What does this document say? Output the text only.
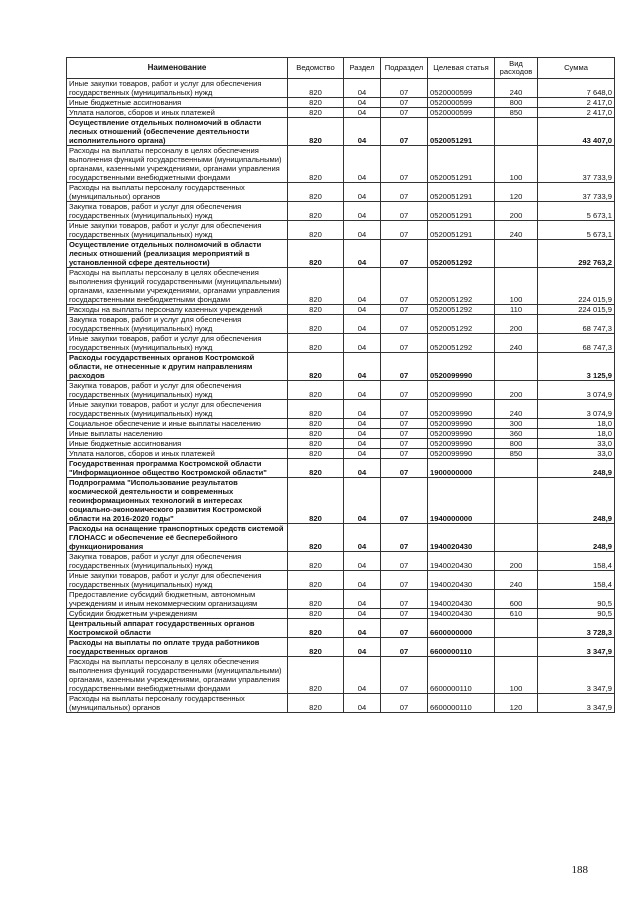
Наименование	Ведомство	Раздел	Подраздел	Целевая статья	Вид расходов	Сумма
Иные закупки товаров, работ и услуг для обеспечения государственных (муниципальных) нужд	820	04	07	0520000599	240	7 648,0
Иные бюджетные ассигнования	820	04	07	0520000599	800	2 417,0
Уплата налогов, сборов и иных платежей	820	04	07	0520000599	850	2 417,0
Осуществление отдельных полномочий в области лесных отношений (обеспечение деятельности исполнительного органа)	820	04	07	0520051291		43 407,0
Расходы на выплаты персоналу в целях обеспечения выполнения функций государственными (муниципальными) органами, казенными учреждениями, органами управления государственными внебюджетными фондами	820	04	07	0520051291	100	37 733,9
Расходы на выплаты персоналу государственных (муниципальных) органов	820	04	07	0520051291	120	37 733,9
Закупка товаров, работ и услуг для обеспечения государственных (муниципальных) нужд	820	04	07	0520051291	200	5 673,1
Иные закупки товаров, работ и услуг для обеспечения государственных (муниципальных) нужд	820	04	07	0520051291	240	5 673,1
Осуществление отдельных полномочий в области лесных отношений (реализация мероприятий в установленной сфере деятельности)	820	04	07	0520051292		292 763,2
Расходы на выплаты персоналу в целях обеспечения выполнения функций государственными (муниципальными) органами, казенными учреждениями, органами управления государственными внебюджетными фондами	820	04	07	0520051292	100	224 015,9
Расходы на выплаты персоналу казенных учреждений	820	04	07	0520051292	110	224 015,9
Закупка товаров, работ и услуг для обеспечения государственных (муниципальных) нужд	820	04	07	0520051292	200	68 747,3
Иные закупки товаров, работ и услуг для обеспечения государственных (муниципальных) нужд	820	04	07	0520051292	240	68 747,3
Расходы государственных органов Костромской области, не отнесенные к другим направлениям расходов	820	04	07	0520099990		3 125,9
Закупка товаров, работ и услуг для обеспечения государственных (муниципальных) нужд	820	04	07	0520099990	200	3 074,9
Иные закупки товаров, работ и услуг для обеспечения государственных (муниципальных) нужд	820	04	07	0520099990	240	3 074,9
Социальное обеспечение и иные выплаты населению	820	04	07	0520099990	300	18,0
Иные выплаты населению	820	04	07	0520099990	360	18,0
Иные бюджетные ассигнования	820	04	07	0520099990	800	33,0
Уплата налогов, сборов и иных платежей	820	04	07	0520099990	850	33,0
Государственная программа Костромской области "Информационное общество Костромской области"	820	04	07	1900000000		248,9
Подпрограмма "Использование результатов космической деятельности и современных геоинформационных технологий в интересах социально-экономического развития Костромской области на 2016-2020 годы"	820	04	07	1940000000		248,9
Расходы на оснащение транспортных средств системой ГЛОНАСС и обеспечение её бесперебойного функционирования	820	04	07	1940020430		248,9
Закупка товаров, работ и услуг для обеспечения государственных (муниципальных) нужд	820	04	07	1940020430	200	158,4
Иные закупки товаров, работ и услуг для обеспечения государственных (муниципальных) нужд	820	04	07	1940020430	240	158,4
Предоставление субсидий бюджетным, автономным учреждениям и иным некоммерческим организациям	820	04	07	1940020430	600	90,5
Субсидии бюджетным учреждениям	820	04	07	1940020430	610	90,5
Центральный аппарат государственных органов Костромской области	820	04	07	6600000000		3 728,3
Расходы на выплаты по оплате труда работников государственных органов	820	04	07	6600000110		3 347,9
Расходы на выплаты персоналу в целях обеспечения выполнения функций государственными (муниципальными) органами, казенными учреждениями, органами управления государственными внебюджетными фондами	820	04	07	6600000110	100	3 347,9
Расходы на выплаты персоналу государственных (муниципальных) органов	820	04	07	6600000110	120	3 347,9
188
